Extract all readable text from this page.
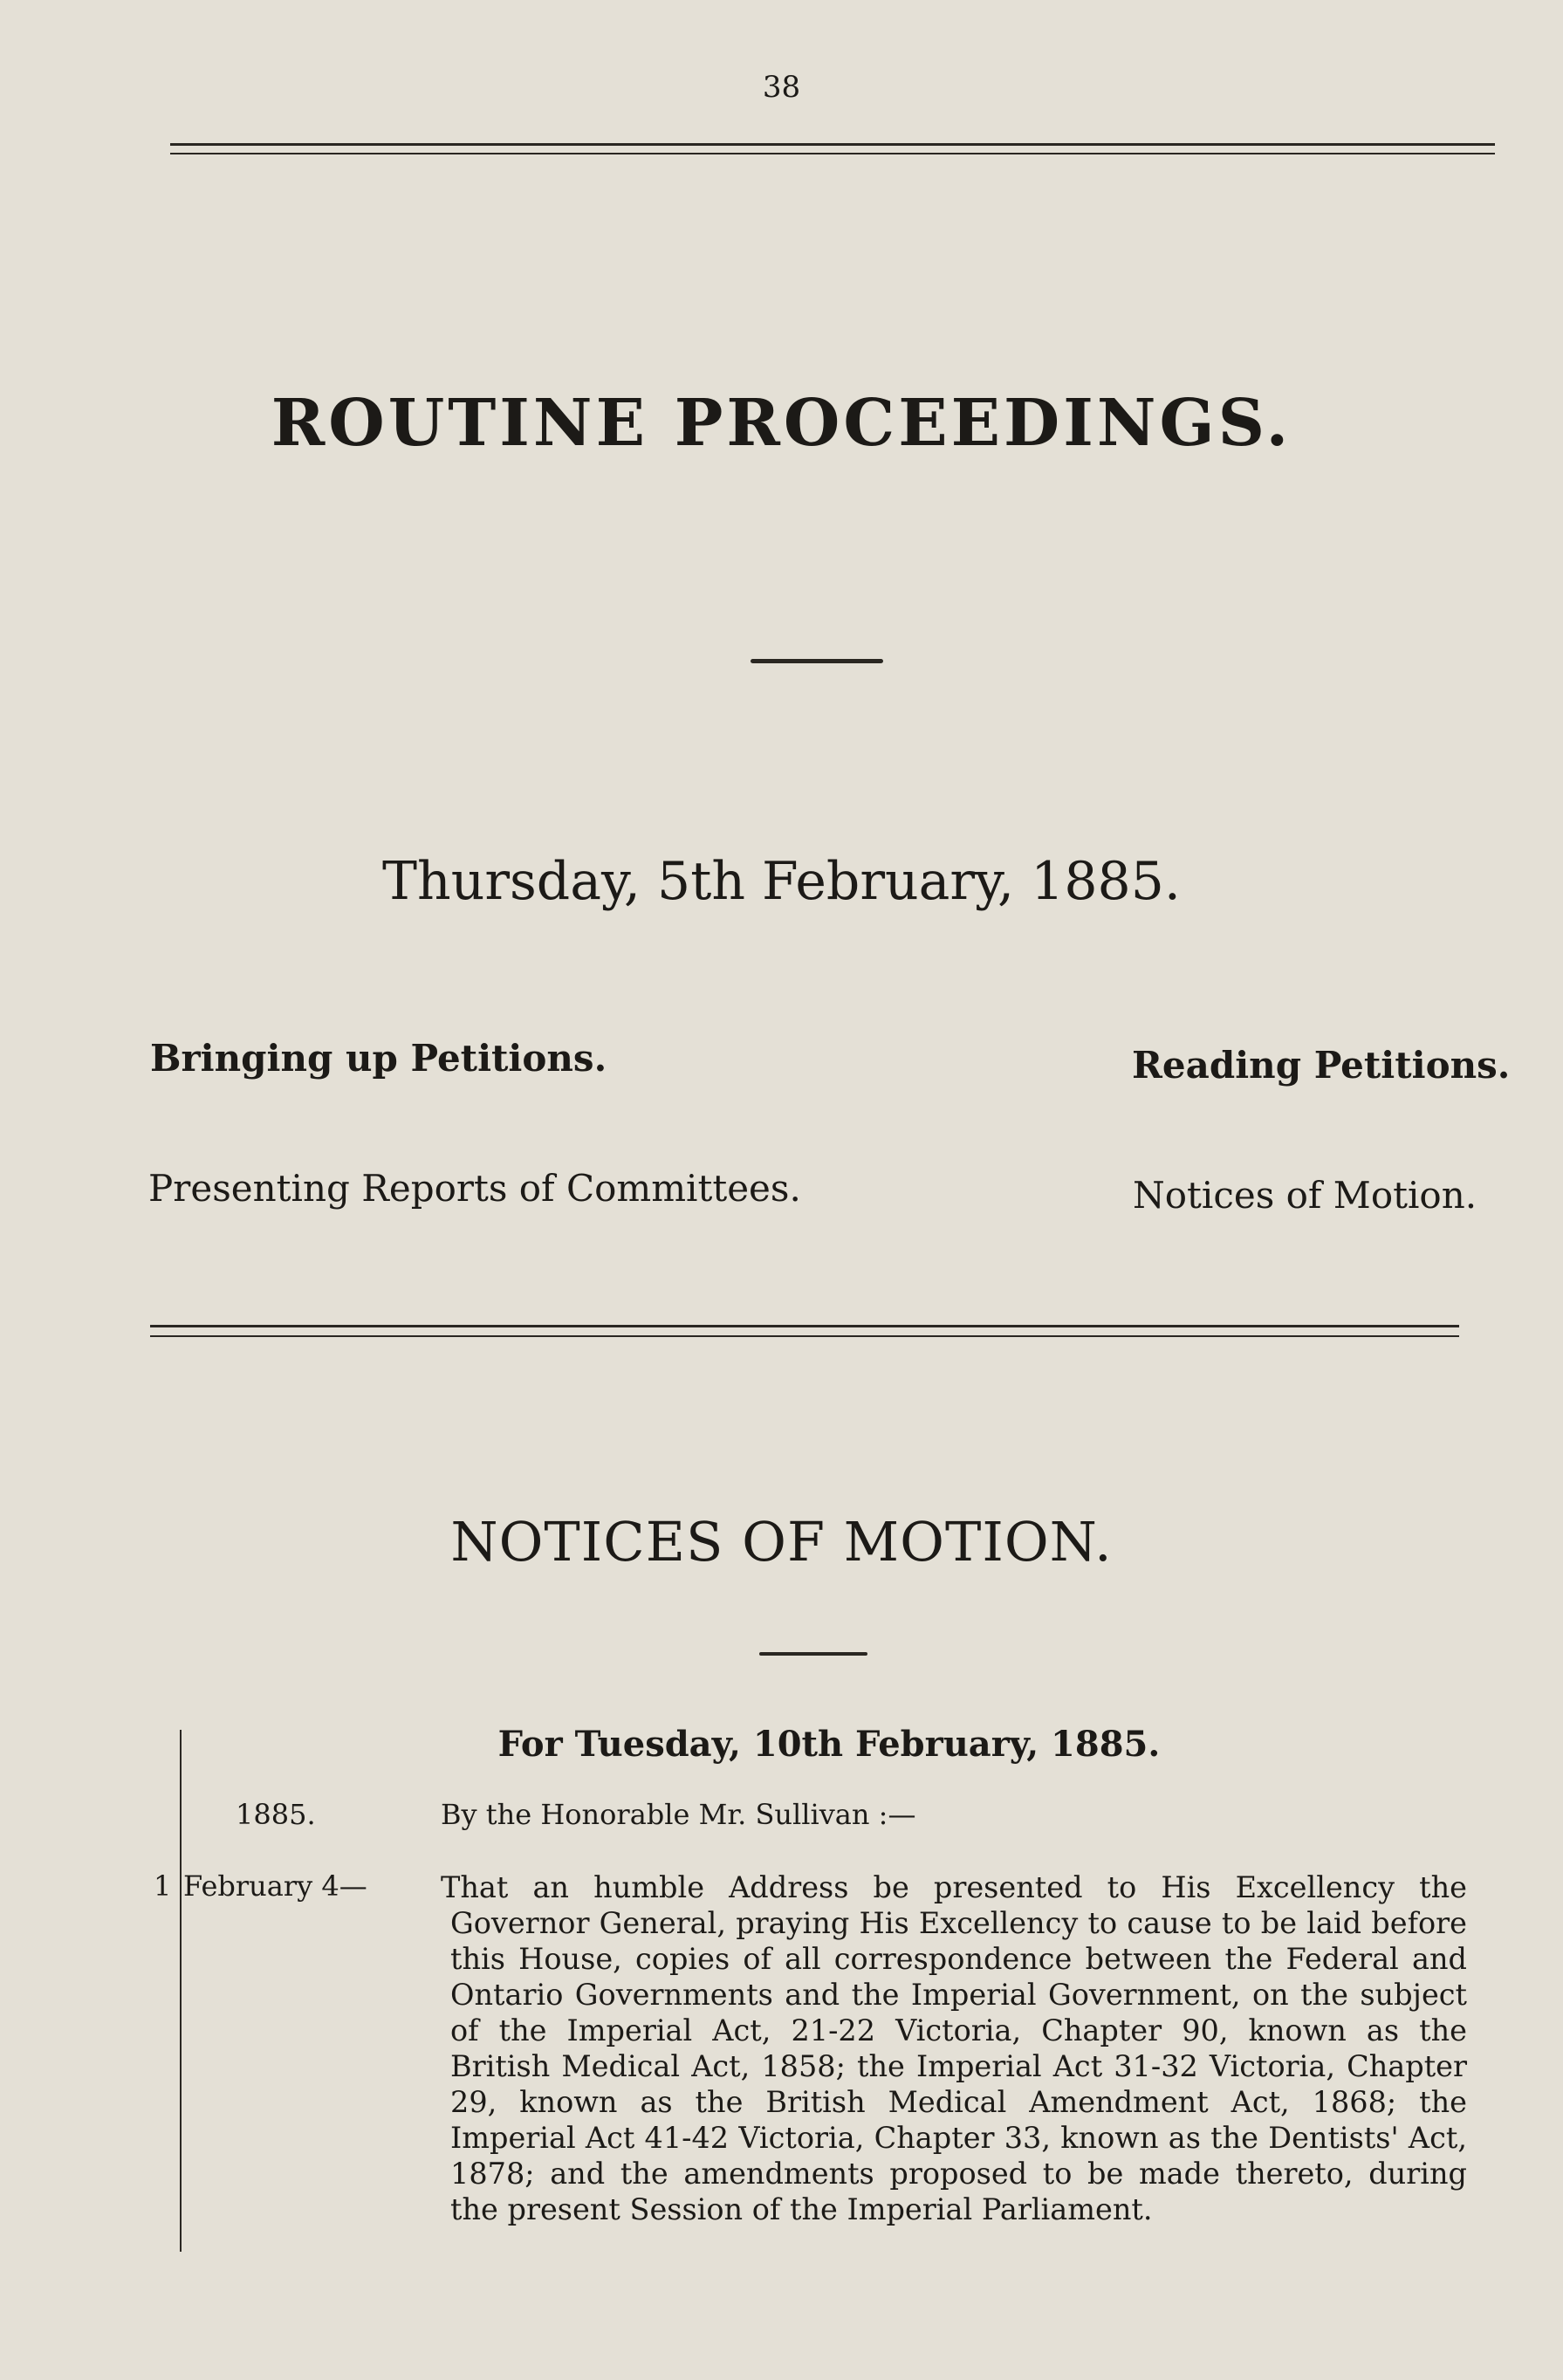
38
ROUTINE PROCEEDINGS.
Thursday, 5th February, 1885.
Bringing up Petitions.	Reading Petitions.
Presenting Reports of Committees.	Notices of Motion.
NOTICES OF MOTION.
For Tuesday, 10th February, 1885.
1885.	By the Honorable Mr. Sullivan :—
1 February 4—	That an humble Address be presented to His Excellency the Governor General, praying His Excellency to cause to be laid before this House, copies of all correspondence between the Federal and Ontario Governments and the Imperial Government, on the subject of the Imperial Act, 21-22 Victoria, Chapter 90, known as the British Medical Act, 1858; the Imperial Act 31-32 Victoria, Chapter 29, known as the British Medical Amendment Act, 1868; the Imperial Act 41-42 Victoria, Chapter 33, known as the Dentists' Act, 1878; and the amendments proposed to be made thereto, during the present Session of the Imperial Parliament.
